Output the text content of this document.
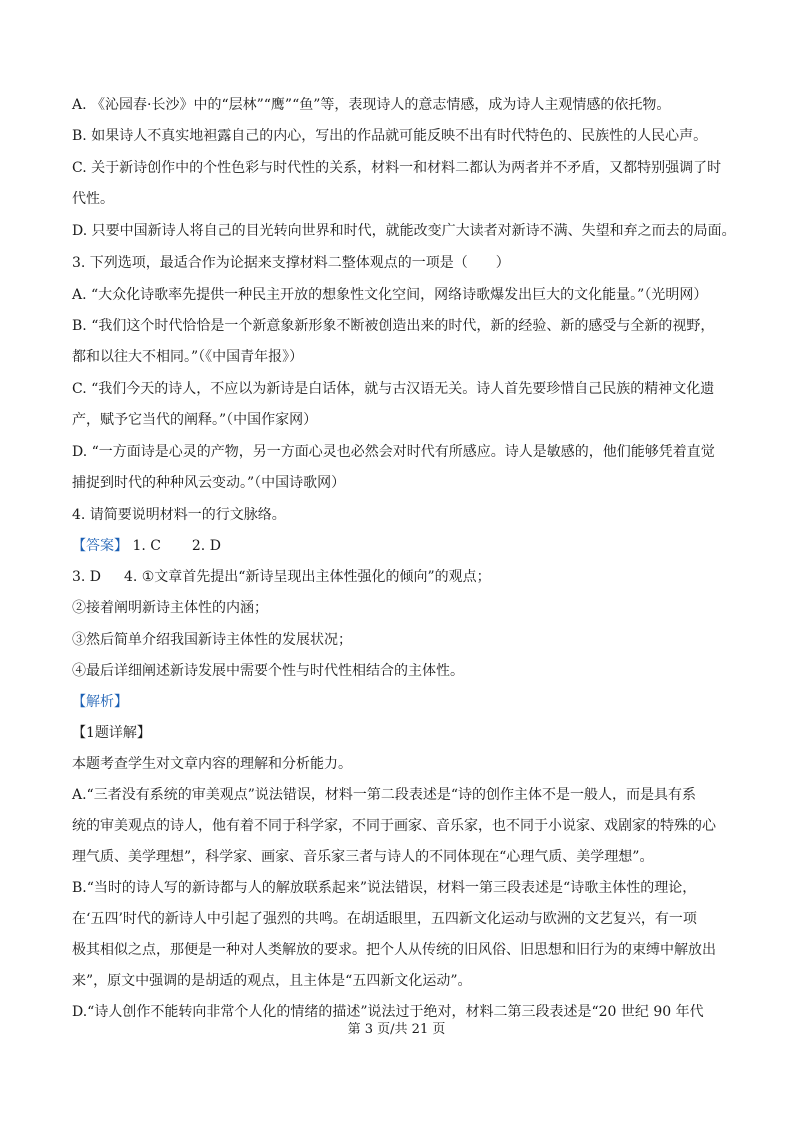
A. 《沁园春·长沙》中的“层林”“鹰”“鱼”等，表现诗人的意志情感，成为诗人主观情感的依托物。
B. 如果诗人不真实地袒露自己的内心，写出的作品就可能反映不出有时代特色的、民族性的人民心声。
C. 关于新诗创作中的个性色彩与时代性的关系，材料一和材料二都认为两者并不矛盾，又都特别强调了时
代性。
D. 只要中国新诗人将自己的目光转向世界和时代，就能改变广大读者对新诗不满、失望和弃之而去的局面。
3. 下列选项，最适合作为论据来支撑材料二整体观点的一项是（　　）
A. “大众化诗歌率先提供一种民主开放的想象性文化空间，网络诗歌爆发出巨大的文化能量。”（光明网）
B. “我们这个时代恰恰是一个新意象新形象不断被创造出来的时代，新的经验、新的感受与全新的视野，
都和以往大不相同。”（《中国青年报》）
C. “我们今天的诗人，不应以为新诗是白话体，就与古汉语无关。诗人首先要珍惜自己民族的精神文化遗
产，赋予它当代的阐释。”（中国作家网）
D. “一方面诗是心灵的产物，另一方面心灵也必然会对时代有所感应。诗人是敏感的，他们能够凭着直觉
捕捉到时代的种种风云变动。”（中国诗歌网）
4. 请简要说明材料一的行文脉络。
【答案】 1. C 2. D
3. D 4. ①文章首先提出“新诗呈现出主体性强化的倾向”的观点；
②接着阐明新诗主体性的内涵；
③然后简单介绍我国新诗主体性的发展状况；
④最后详细阐述新诗发展中需要个性与时代性相结合的主体性。
【解析】
【1题详解】
本题考查学生对文章内容的理解和分析能力。
A.“三者没有系统的审美观点”说法错误，材料一第二段表述是“诗的创作主体不是一般人，而是具有系
统的审美观点的诗人，他有着不同于科学家，不同于画家、音乐家，也不同于小说家、戏剧家的特殊的心
理气质、美学理想”，科学家、画家、音乐家三者与诗人的不同体现在“心理气质、美学理想”。
B.“当时的诗人写的新诗都与人的解放联系起来”说法错误，材料一第三段表述是“诗歌主体性的理论，
在‘五四’时代的新诗人中引起了强烈的共鸣。在胡适眼里，五四新文化运动与欧洲的文艺复兴，有一项
极其相似之点，那便是一种对人类解放的要求。把个人从传统的旧风俗、旧思想和旧行为的束缚中解放出
来”，原文中强调的是胡适的观点，且主体是“五四新文化运动”。
D.“诗人创作不能转向非常个人化的情绪的描述”说法过于绝对，材料二第三段表述是“20 世纪 90 年代
第 3 页/共 21 页
